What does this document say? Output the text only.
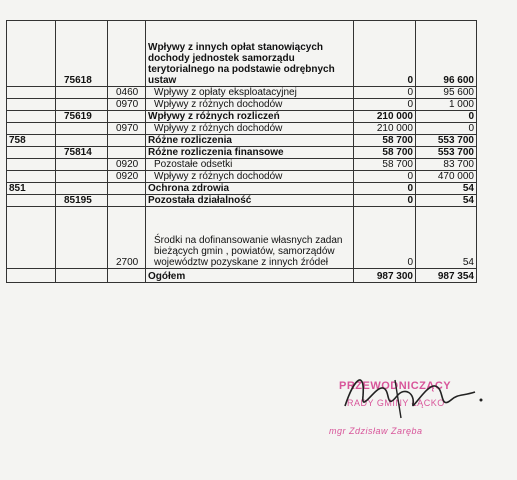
	75618		Wpływy z innych opłat stanowiących dochody jednostek samorządu terytorialnego na podstawie odrębnych ustaw	0	96 600
		0460	Wpływy z opłaty eksploatacyjnej	0	95 600
		0970	Wpływy z różnych dochodów	0	1 000
	75619		Wpływy z różnych rozliczeń	210 000	0
		0970	Wpływy z różnych dochodów	210 000	0
758			Różne rozliczenia	58 700	553 700
	75814		Różne rozliczenia finansowe	58 700	553 700
		0920	Pozostałe odsetki	58 700	83 700
		0920	Wpływy z różnych dochodów	0	470 000
851			Ochrona zdrowia	0	54
	85195		Pozostała działalność	0	54
		2700	Środki na dofinansowanie własnych zadan bieżących gmin , powiatów, samorządów województw pozyskane z innych źródeł	0	54
			Ogółem	987 300	987 354
PRZEWODNICZĄCY
RADY GMINY ŁĄCKO
mgr Zdzisław Zaręba
